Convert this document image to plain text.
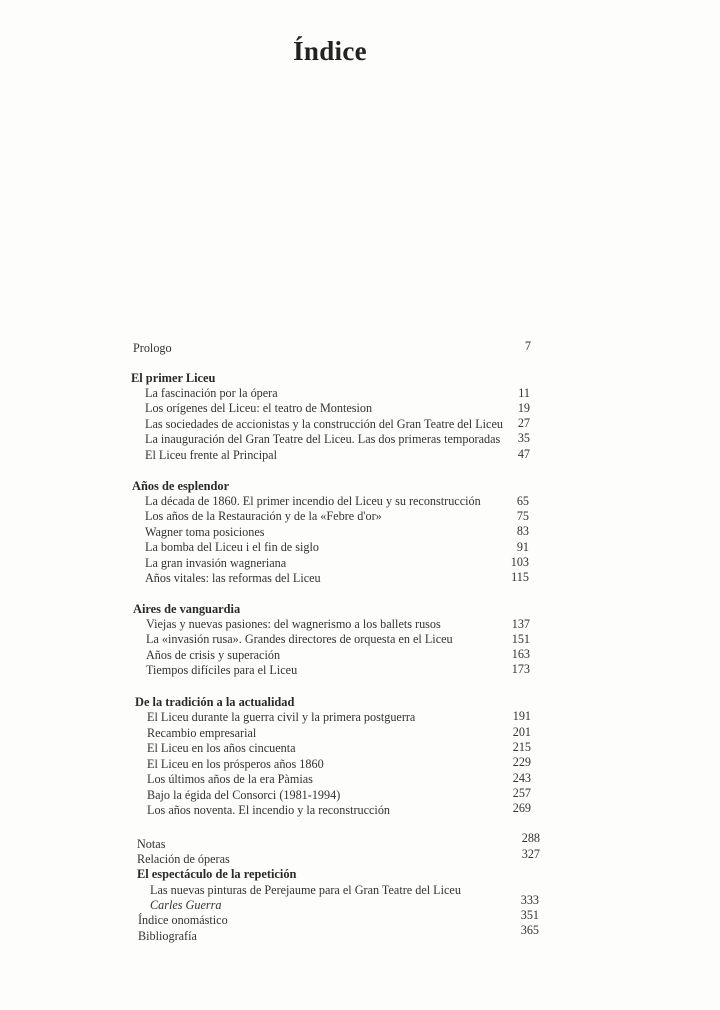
Índice
Prologo	7
El primer Liceu
La fascinación por la ópera	11
Los orígenes del Liceu: el teatro de Montesion	19
Las sociedades de accionistas y la construcción del Gran Teatre del Liceu	27
La inauguración del Gran Teatre del Liceu. Las dos primeras temporadas	35
El Liceu frente al Principal	47
Años de esplendor
La década de 1860. El primer incendio del Liceu y su reconstrucción	65
Los años de la Restauración y de la «Febre d'or»	75
Wagner toma posiciones	83
La bomba del Liceu i el fin de siglo	91
La gran invasión wagneriana	103
Años vitales: las reformas del Liceu	115
Aires de vanguardia
Viejas y nuevas pasiones: del wagnerismo a los ballets rusos	137
La «invasión rusa». Grandes directores de orquesta en el Liceu	151
Años de crisis y superación	163
Tiempos difíciles para el Liceu	173
De la tradición a la actualidad
El Liceu durante la guerra civil y la primera postguerra	191
Recambio empresarial	201
El Liceu en los años cincuenta	215
El Liceu en los prósperos años 1860	229
Los últimos años de la era Pàmias	243
Bajo la égida del Consorci (1981-1994)	257
Los años noventa. El incendio y la reconstrucción	269
Notas	288
Relación de óperas	327
El espectáculo de la repetición
Las nuevas pinturas de Perejaume para el Gran Teatre del Liceu
Carles Guerra	333
Índice onomástico	351
Bibliografía	365
